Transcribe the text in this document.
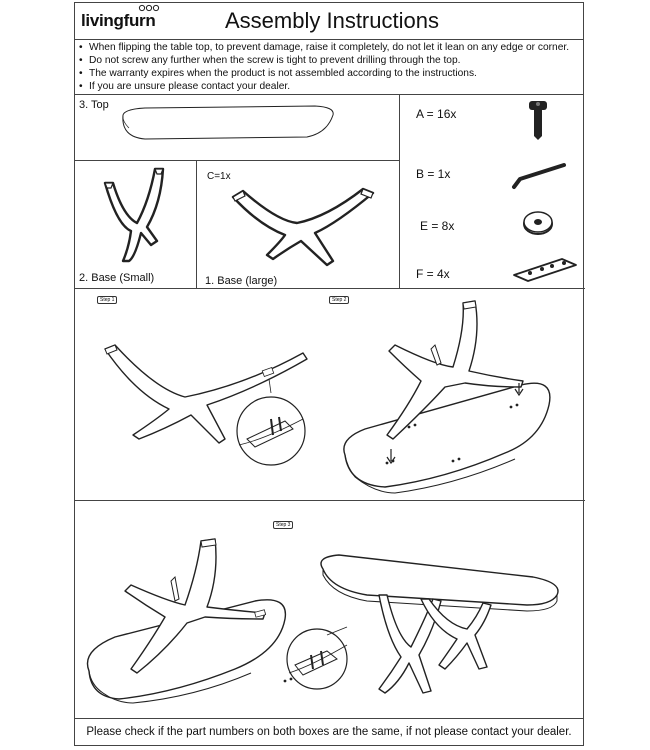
livingfurn	Assembly Instructions
• When flipping the table top, to prevent damage, raise it completely, do not let it lean on any edge or corner.
• Do not screw any further when the screw is tight to prevent drilling through the top.
• The warranty expires when the product is not assembled according to the instructions.
• If you are unsure please contact your dealer.
3. Top
2. Base (Small)
C=1x
1. Base (large)
A = 16x
B = 1x
E = 8x
F = 4x
Step 1	Step 2
Step 3
Please check if the part numbers on both boxes are the same, if not please contact your dealer.
